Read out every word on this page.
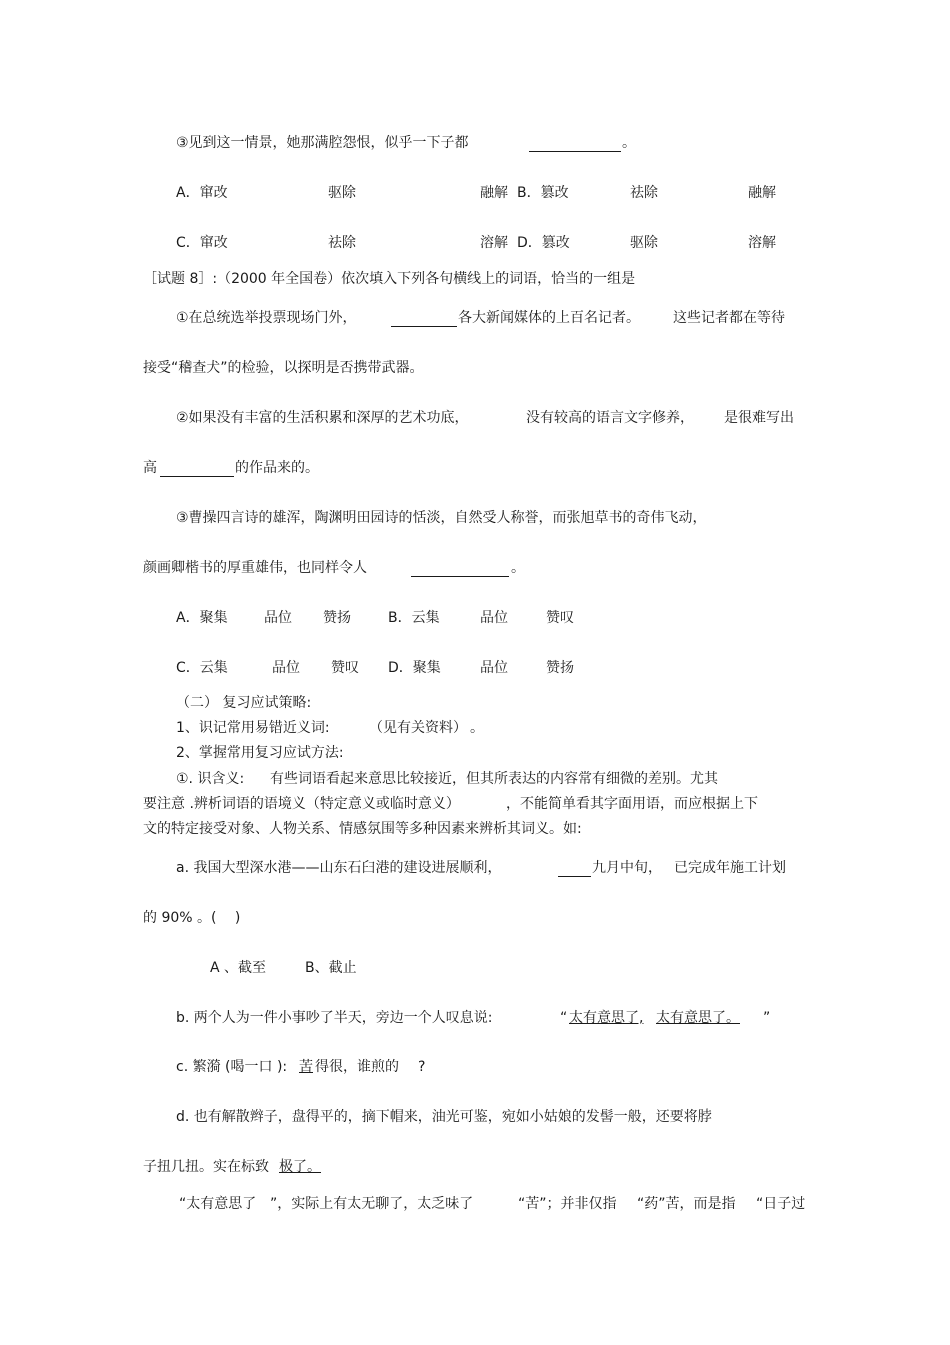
③见到这一情景，她那满腔怨恨，似乎一下子都	。
A．窜改	驱除	融解 B．篡改	祛除	融解
C．窜改	祛除	溶解 D．篡改	驱除	溶解
［试题 8］:（2000 年全国卷）依次填入下列各句横线上的词语，恰当的一组是
①在总统选举投票现场门外，	各大新闻媒体的上百名记者。 这些记者都在等待
接受“稽查犬”的检验，以探明是否携带武器。
②如果没有丰富的生活积累和深厚的艺术功底，	没有较高的语言文字修养， 是很难写出
高	的作品来的。
③曹操四言诗的雄浑，陶渊明田园诗的恬淡，自然受人称誉，而张旭草书的奇伟飞动，
颜画卿楷书的厚重雄伟，也同样令人	。
A．聚集	品位 赞扬	B．云集	品位	赞叹
C．云集	品位 赞叹 D．聚集	品位	赞扬
（二） 复习应试策略:
1、识记常用易错近义词:	（见有关资料） 。
2、掌握常用复习应试方法:
①. 识含义: 有些词语看起来意思比较接近，但其所表达的内容常有细微的差别。尤其
要注意 .辨析词语的语境义（特定意义或临时意义）	，不能简单看其字面用语，而应根据上下
文的特定接受对象、人物关系、情感氛围等多种因素来辨析其词义。如:
a. 我国大型深水港——山东石臼港的建设进展顺利，	九月中旬， 已完成年施工计划
的 90% 。(　 )
A 、截至	B、截止
b. 两个人为一件小事吵了半天，旁边一个人叹息说:	“ 太有意思了, 太有意思了。 ”
c. 繁漪 (喝一口 ): 苦 得很，谁煎的 ?
d. 也有解散辫子，盘得平的，摘下帽来，油光可鉴，宛如小姑娘的发髻一般，还要将脖
子扭几扭。实在标致 极了。
“太有意思了 ”，实际上有太无聊了，太乏味了	“苦”；并非仅指 “药”苦，而是指 “日子过
